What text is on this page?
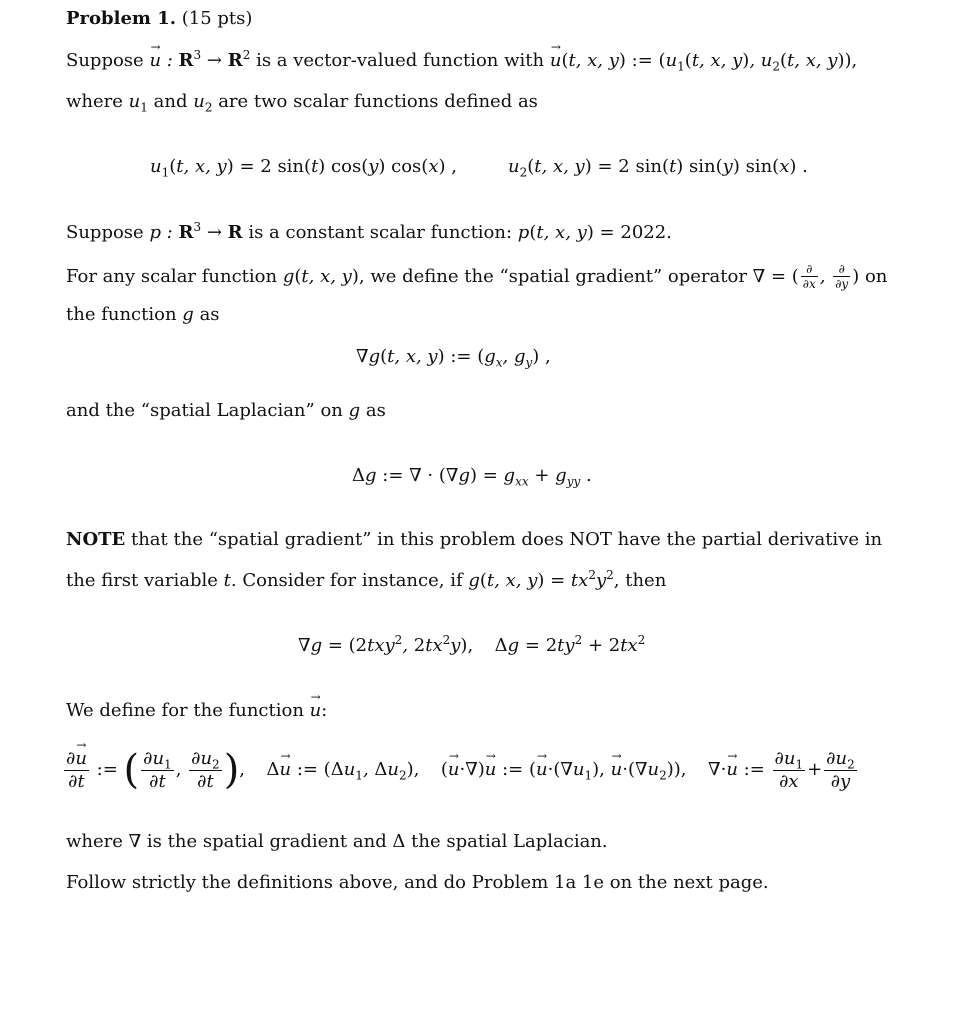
Problem 1. (15 pts)
Suppose → u : $R^3 \to R^2$ is a vector-valued function with → u(t, x, y) := ($u_1(t$, x, y), $u_2(t$, x, y)),
where $u_1$ and $u_2$ are two scalar functions defined as
$u_1(t$, x, y) = 2 sin(t) cos(y) cos(x) ,	$u_2(t$, x, y) = 2 sin(t) sin(y) sin(x) .
Suppose p : $R^3 \to R$ is a constant scalar function: p(t, x, y) = 2022.
For any scalar function g(t, x, y), we define the “spatial gradient” operator ∇ = ( $\frac{\partial}{\partial x}$ , $\frac{\partial}{\partial y}$ ) on
the function g as
∇g(t, x, y) := ($g_x$, $g_y$) ,
and the “spatial Laplacian” on g as
Δg := ∇ · $(\nabla g) = g_{xx} + g_{yy}$ .
NOTE that the “spatial gradient” in this problem does NOT have the partial derivative in
the first variable t. Consider for instance, if g(t, x, $y) = tx^2y^2$, then
∇g = (2txy$^2$, $2tx^2y$), $\Delta g = 2ty^2 + 2tx^2$
We define for the function → u:
$\frac{\partial\to u}{\partial t}$ := ( $\frac{\partial u_1}{\partial t}$ , $\frac{\partial u_2}{\partial t}$ ),  Δ→ u := ($\Delta u_1$, $\Delta u_2$), (→ u·∇)→ u := (→ $u\cdot(\nabla u_1)$, → $u\cdot(\nabla u_2)$), ∇·→ u := $\frac{\partial u_1}{\partial x} + \frac{\partial u_2}{\partial y}$
where ∇ is the spatial gradient and Δ the spatial Laplacian.
Follow strictly the definitions above, and do Problem 1a 1e on the next page.
